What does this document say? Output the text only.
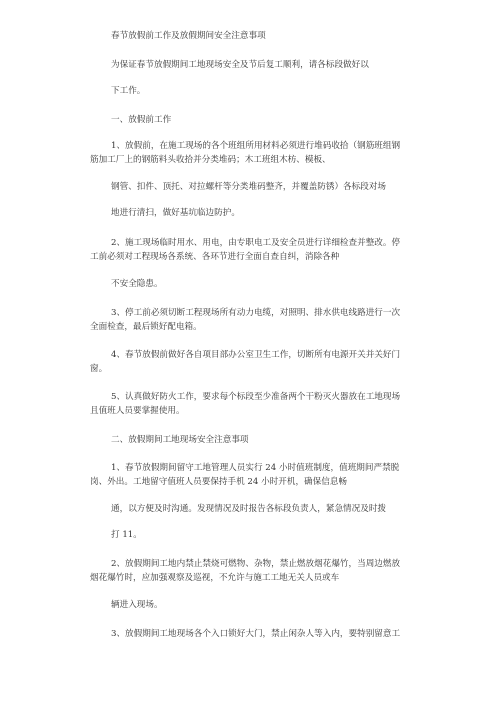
春节放假前工作及放假期间安全注意事项
为保证春节放假期间工地现场安全及节后复工顺利，请各标段做好以
下工作。
一、放假前工作
1、放假前，在施工现场的各个班组所用材料必须进行堆码收拾（钢筋班组钢
筋加工厂上的钢筋料头收拾并分类堆码；木工班组木枋、模板、
钢管、扣件、顶托、对拉螺杆等分类堆码整齐，并覆盖防锈）各标段对场
地进行清扫，做好基坑临边防护。
2、施工现场临时用水、用电，由专职电工及安全员进行详细检查并整改。停
工前必须对工程现场各系统、各环节进行全面自查自纠，消除各种
不安全隐患。
3、停工前必须切断工程现场所有动力电缆，对照明、排水供电线路进行一次
全面检查，最后锁好配电箱。
4、春节放假前做好各自项目部办公室卫生工作，切断所有电源开关并关好门
窗。
5、认真做好防火工作，要求每个标段至少准备两个干粉灭火器放在工地现场
且值班人员要掌握使用。
二、放假期间工地现场安全注意事项
1、春节放假期间留守工地管理人员实行 24 小时值班制度，值班期间严禁脱
岗、外出。工地留守值班人员要保持手机 24 小时开机，确保信息畅
通，以方便及时沟通。发现情况及时报告各标段负责人，紧急情况及时拨
打 11。
2、放假期间工地内禁止禁烧可燃物、杂物，禁止燃放烟花爆竹，当周边燃放
烟花爆竹时，应加强观察及巡视，不允许与施工工地无关人员或车
辆进入现场。
3、放假期间工地现场各个入口锁好大门，禁止闲杂人等入内，要特别留意工
